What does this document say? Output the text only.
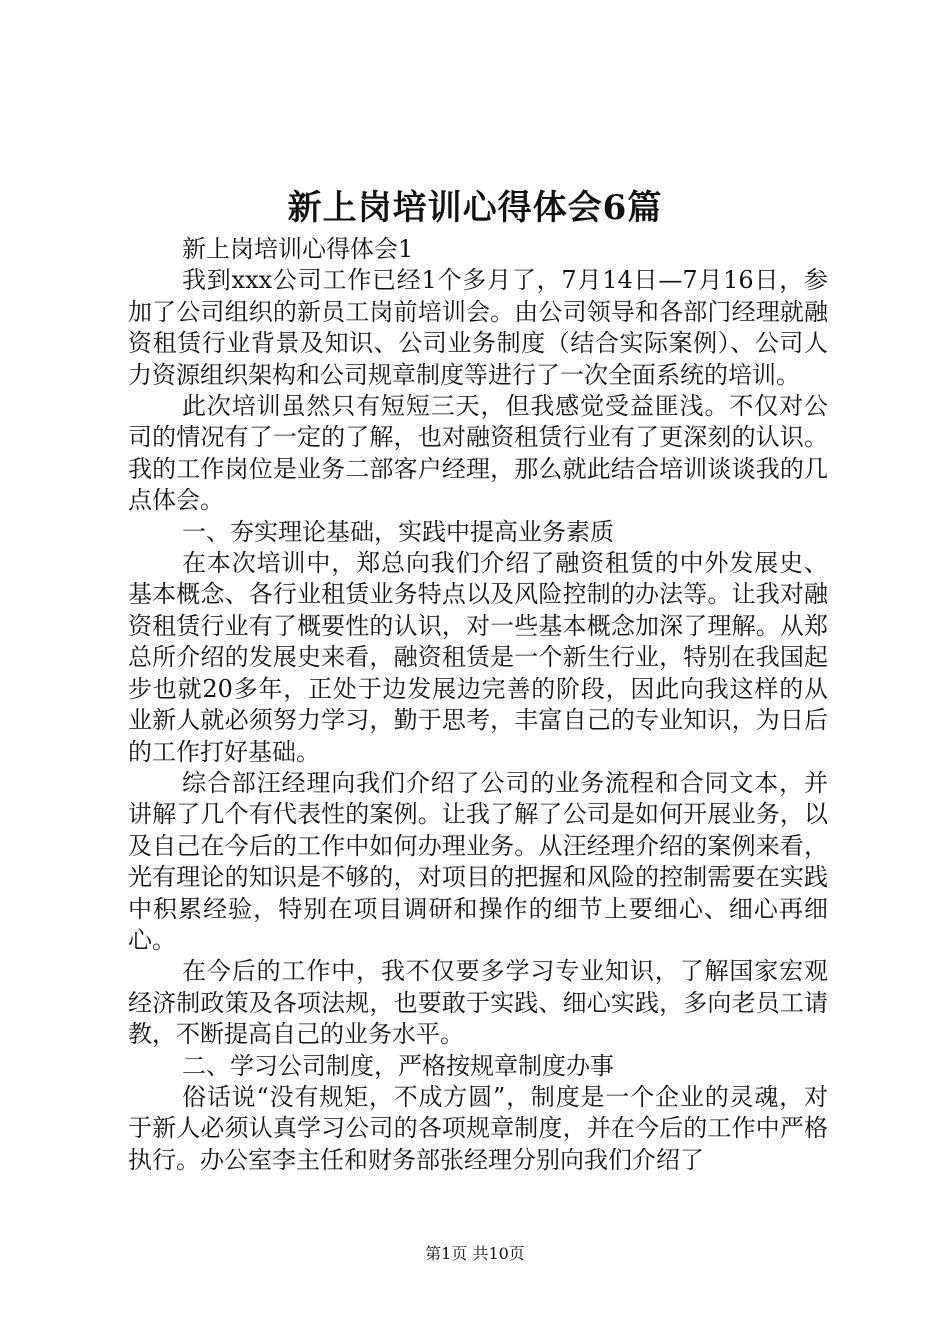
新上岗培训心得体会6篇

新上岗培训心得体会1

我到xxx公司工作已经1个多月了，7月14日—7月16日，参加了公司组织的新员工岗前培训会。由公司领导和各部门经理就融资租赁行业背景及知识、公司业务制度（结合实际案例）、公司人力资源组织架构和公司规章制度等进行了一次全面系统的培训。

此次培训虽然只有短短三天，但我感觉受益匪浅。不仅对公司的情况有了一定的了解，也对融资租赁行业有了更深刻的认识。我的工作岗位是业务二部客户经理，那么就此结合培训谈谈我的几点体会。

一、夯实理论基础，实践中提高业务素质

在本次培训中，郑总向我们介绍了融资租赁的中外发展史、基本概念、各行业租赁业务特点以及风险控制的办法等。让我对融资租赁行业有了概要性的认识，对一些基本概念加深了理解。从郑总所介绍的发展史来看，融资租赁是一个新生行业，特别在我国起步也就20多年，正处于边发展边完善的阶段，因此向我这样的从业新人就必须努力学习，勤于思考，丰富自己的专业知识，为日后的工作打好基础。

综合部汪经理向我们介绍了公司的业务流程和合同文本，并讲解了几个有代表性的案例。让我了解了公司是如何开展业务，以及自己在今后的工作中如何办理业务。从汪经理介绍的案例来看，光有理论的知识是不够的，对项目的把握和风险的控制需要在实践中积累经验，特别在项目调研和操作的细节上要细心、细心再细心。

在今后的工作中，我不仅要多学习专业知识，了解国家宏观经济制政策及各项法规，也要敢于实践、细心实践，多向老员工请教，不断提高自己的业务水平。

二、学习公司制度，严格按规章制度办事

俗话说“没有规矩，不成方圆”，制度是一个企业的灵魂，对于新人必须认真学习公司的各项规章制度，并在今后的工作中严格执行。办公室李主任和财务部张经理分别向我们介绍了

第1页 共10页
